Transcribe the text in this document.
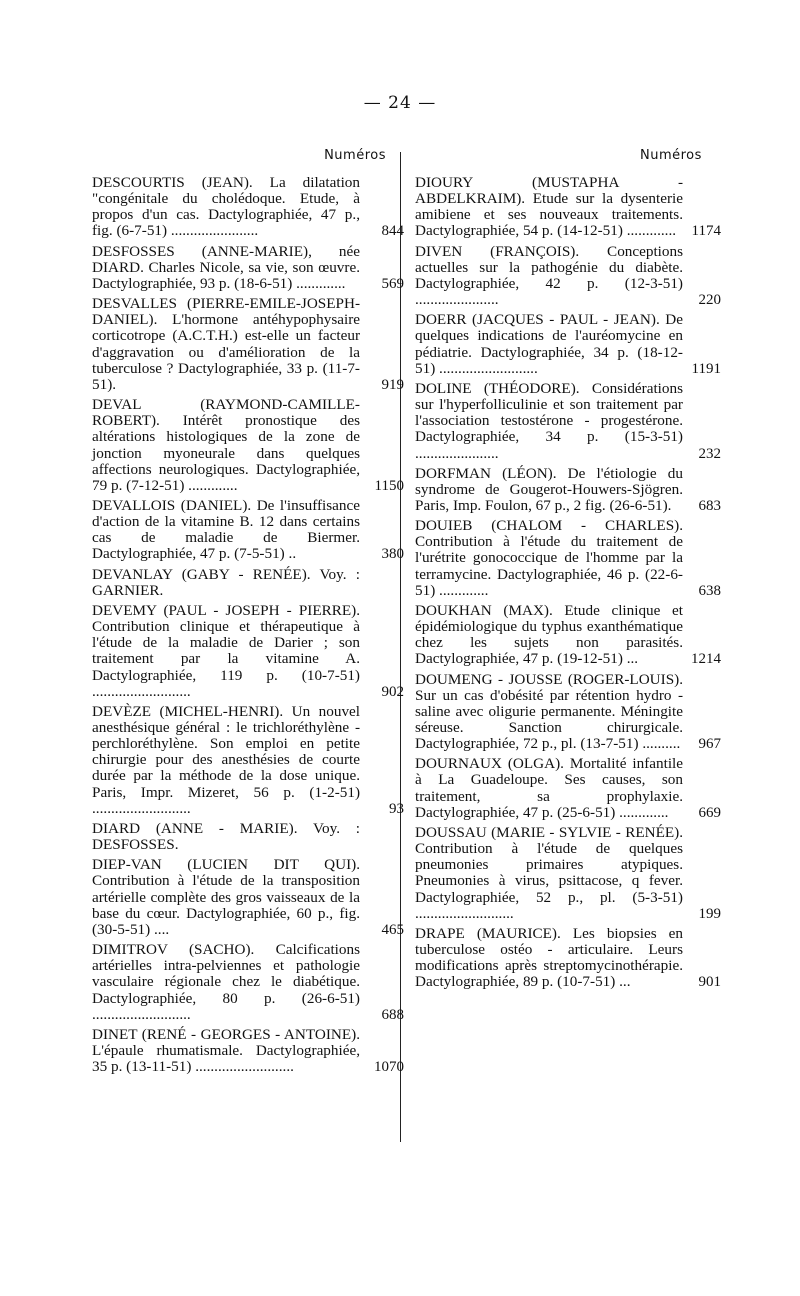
— 24 —
Numéros	Numéros
DESCOURTIS (JEAN). La dilatation "congénitale du cholédoque. Etude, à propos d'un cas. Dactylographiée, 47 p., fig. (6-7-51) .......................	844
DESFOSSES (ANNE-MARIE), née DIARD. Charles Nicole, sa vie, son œuvre. Dactylographiée, 93 p. (18-6-51) .............	569
DESVALLES (PIERRE-EMILE-JOSEPH-DANIEL). L'hormone antéhypophysaire corticotrope (A.C.T.H.) est-elle un facteur d'aggravation ou d'amélioration de la tuberculose ? Dactylographiée, 33 p. (11-7-51).	919
DEVAL (RAYMOND-CAMILLE-ROBERT). Intérêt pronostique des altérations histologiques de la zone de jonction myoneurale dans quelques affections neurologiques. Dactylographiée, 79 p. (7-12-51) .............	1150
DEVALLOIS (DANIEL). De l'insuffisance d'action de la vitamine B. 12 dans certains cas de maladie de Biermer. Dactylographiée, 47 p. (7-5-51) ..	380
DEVANLAY (GABY - RENÉE). Voy. : GARNIER.
DEVEMY (PAUL - JOSEPH - PIERRE). Contribution clinique et thérapeutique à l'étude de la maladie de Darier ; son traitement par la vitamine A. Dactylographiée, 119 p. (10-7-51) ..........................	902
DEVÈZE (MICHEL-HENRI). Un nouvel anesthésique général : le trichloréthylène - perchloréthylène. Son emploi en petite chirurgie pour des anesthésies de courte durée par la méthode de la dose unique. Paris, Impr. Mizeret, 56 p. (1-2-51) ..........................	93
DIARD (ANNE - MARIE). Voy. : DESFOSSES.
DIEP-VAN (LUCIEN DIT QUI). Contribution à l'étude de la transposition artérielle complète des gros vaisseaux de la base du cœur. Dactylographiée, 60 p., fig. (30-5-51) ....	465
DIMITROV (SACHO). Calcifications artérielles intra-pelviennes et pathologie vasculaire régionale chez le diabétique. Dactylographiée, 80 p. (26-6-51) ..........................	688
DINET (RENÉ - GEORGES - ANTOINE). L'épaule rhumatismale. Dactylographiée, 35 p. (13-11-51) ..........................	1070
DIOURY (MUSTAPHA - ABDELKRAIM). Etude sur la dysenterie amibiene et ses nouveaux traitements. Dactylographiée, 54 p. (14-12-51) .............	1174
DIVEN (FRANÇOIS). Conceptions actuelles sur la pathogénie du diabète. Dactylographiée, 42 p. (12-3-51) ......................	220
DOERR (JACQUES - PAUL - JEAN). De quelques indications de l'auréomycine en pédiatrie. Dactylographiée, 34 p. (18-12-51) ..........................	1191
DOLINE (THÉODORE). Considérations sur l'hyperfolliculinie et son traitement par l'association testostérone - progestérone. Dactylographiée, 34 p. (15-3-51) ......................	232
DORFMAN (LÉON). De l'étiologie du syndrome de Gougerot-Houwers-Sjögren. Paris, Imp. Foulon, 67 p., 2 fig. (26-6-51).	683
DOUIEB (CHALOM - CHARLES). Contribution à l'étude du traitement de l'urétrite gonococcique de l'homme par la terramycine. Dactylographiée, 46 p. (22-6-51) .............	638
DOUKHAN (MAX). Etude clinique et épidémiologique du typhus exanthématique chez les sujets non parasités. Dactylographiée, 47 p. (19-12-51) ...	1214
DOUMENG - JOUSSE (ROGER-LOUIS). Sur un cas d'obésité par rétention hydro - saline avec oligurie permanente. Méningite séreuse. Sanction chirurgicale. Dactylographiée, 72 p., pl. (13-7-51) ..........	967
DOURNAUX (OLGA). Mortalité infantile à La Guadeloupe. Ses causes, son traitement, sa prophylaxie. Dactylographiée, 47 p. (25-6-51) .............	669
DOUSSAU (MARIE - SYLVIE - RENÉE). Contribution à l'étude de quelques pneumonies primaires atypiques. Pneumonies à virus, psittacose, q fever. Dactylographiée, 52 p., pl. (5-3-51) ..........................	199
DRAPE (MAURICE). Les biopsies en tuberculose ostéo - articulaire. Leurs modifications après streptomycinothérapie. Dactylographiée, 89 p. (10-7-51) ...	901
